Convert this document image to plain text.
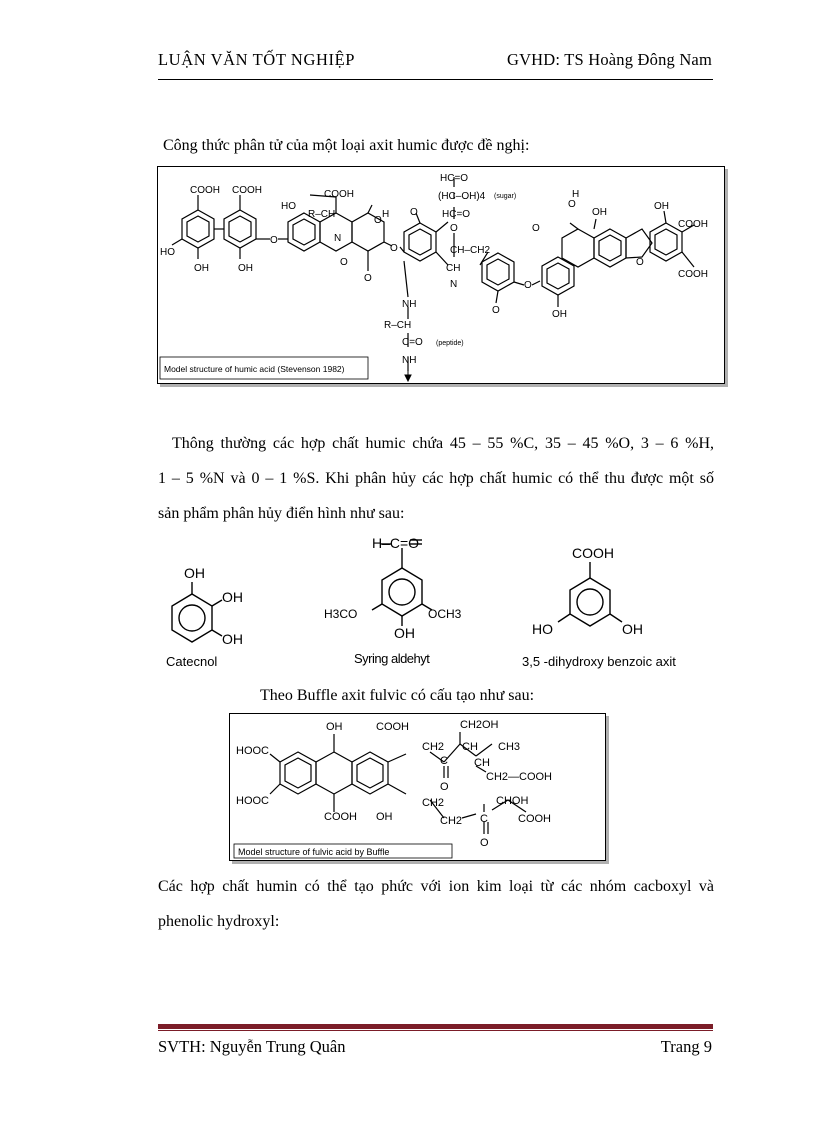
LUẬN VĂN TỐT NGHIỆP	GVHD: TS Hoàng Đông Nam
Công thức phân tử của một loại axit humic được đề nghị:
COOH COOH
HO
COOH
R–CH
HO
OH	OH
O	N
O
H
O
O
O
O
NH
R–CH
C=O (peptide)
NH
HC=O
(HC–OH)4 (sugar)
HC=O
O
CH–CH2
CH
N
O
O
OH
O
O
OH
H
O
OH
COOH
COOH
Model structure of humic acid (Stevenson 1982)
Thông thường các hợp chất humic chứa 45 – 55 %C, 35 – 45 %O, 3 – 6 %H,
1 – 5 %N và 0 – 1 %S. Khi phân hủy các hợp chất humic có thể thu được một số
sản phẩm phân hủy điển hình như sau:
OH
OH
OH
Catecnol
H–C=O
H3CO	OCH3
OH
Syring aldehyt
COOH
HO	OH
3,5 -dihydroxy benzoic axit
Theo Buffle axit fulvic có cấu tạo như sau:
OH	COOH
HOOC
HOOC
COOH OH
CH2OH
CH2 CH CH3
C CH
O
CH2—COOH
CH2	CHOH
CH2 C	COOH
O
Model structure of fulvic acid by Buffle
Các hợp chất humin có thể tạo phức với ion kim loại từ các nhóm cacboxyl và
phenolic hydroxyl:
SVTH: Nguyễn Trung Quân	Trang 9
